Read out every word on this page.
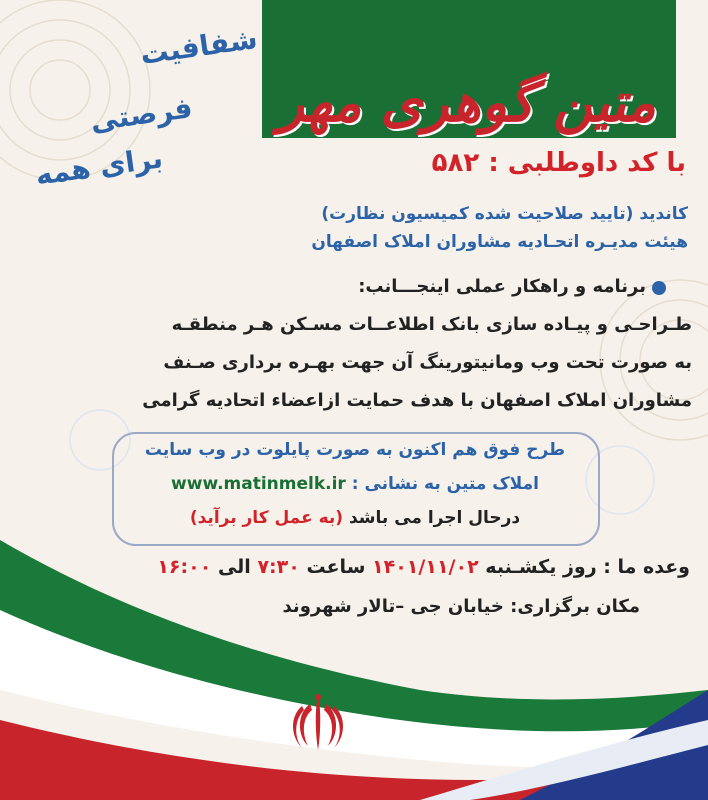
متین گوهری مهر
شفافیت
فرصتی
برای همه	با کد داوطلبی : ۵۸۲
کاندید (تایید صلاحیت شده کمیسیون نظارت)
هیئت مدیـره اتحـادیه مشاوران املاک اصفهان
برنامه و راهکار عملی اینجـــانب:
طـراحـی و پیـاده سازی بانک اطلاعــات مسـکن هـر منطقـه
به صورت تحت وب ومانیتورینگ آن جهت بهـره برداری صـنف
مشاوران املاک اصفهان با هدف حمایت ازاعضاء اتحادیه گرامی
طرح فوق هم اکنون به صورت پایلوت در وب سایت
املاک متین به نشانی : www.matinmelk.ir
درحال اجرا می باشد (به عمل کار برآید)
وعده ما : روز یکشـنبه ۱۴۰۱/۱۱/۰۲ ساعت ۷:۳۰ الی ۱۶:۰۰
مکان برگزاری: خیابان جی –تالار شهروند
